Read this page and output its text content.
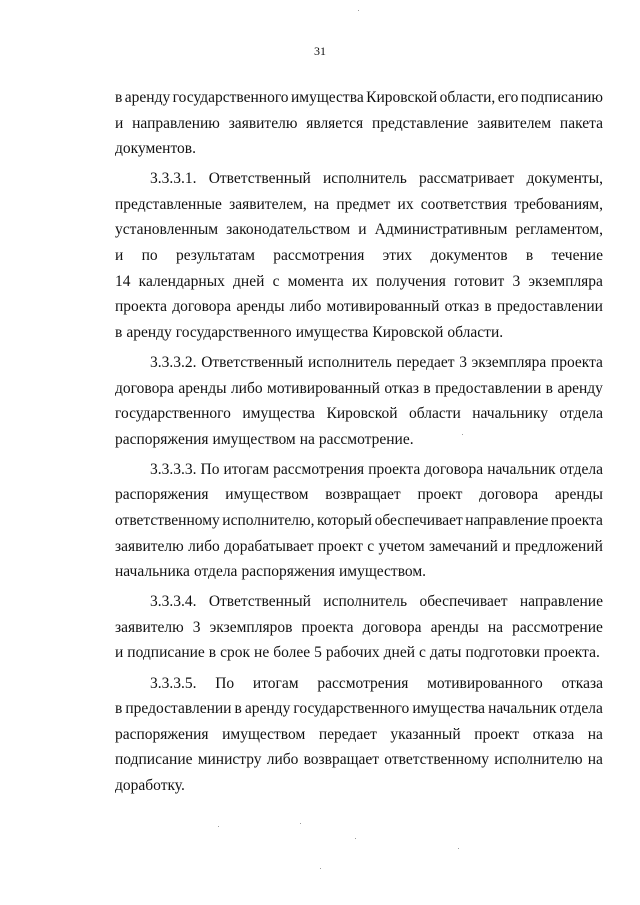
31
в аренду государственного имущества Кировской области, его подписанию
и направлению заявителю является представление заявителем пакета
документов.
3.3.3.1. Ответственный исполнитель рассматривает документы,
представленные заявителем, на предмет их соответствия требованиям,
установленным законодательством и Административным регламентом,
и по результатам рассмотрения этих документов в течение
14 календарных дней с момента их получения готовит 3 экземпляра
проекта договора аренды либо мотивированный отказ в предоставлении
в аренду государственного имущества Кировской области.
3.3.3.2. Ответственный исполнитель передает 3 экземпляра проекта
договора аренды либо мотивированный отказ в предоставлении в аренду
государственного имущества Кировской области начальнику отдела
распоряжения имуществом на рассмотрение.
3.3.3.3. По итогам рассмотрения проекта договора начальник отдела
распоряжения имуществом возвращает проект договора аренды
ответственному исполнителю, который обеспечивает направление проекта
заявителю либо дорабатывает проект с учетом замечаний и предложений
начальника отдела распоряжения имуществом.
3.3.3.4. Ответственный исполнитель обеспечивает направление
заявителю 3 экземпляров проекта договора аренды на рассмотрение
и подписание в срок не более 5 рабочих дней с даты подготовки проекта.
3.3.3.5. По итогам рассмотрения мотивированного отказа
в предоставлении в аренду государственного имущества начальник отдела
распоряжения имуществом передает указанный проект отказа на
подписание министру либо возвращает ответственному исполнителю на
доработку.
